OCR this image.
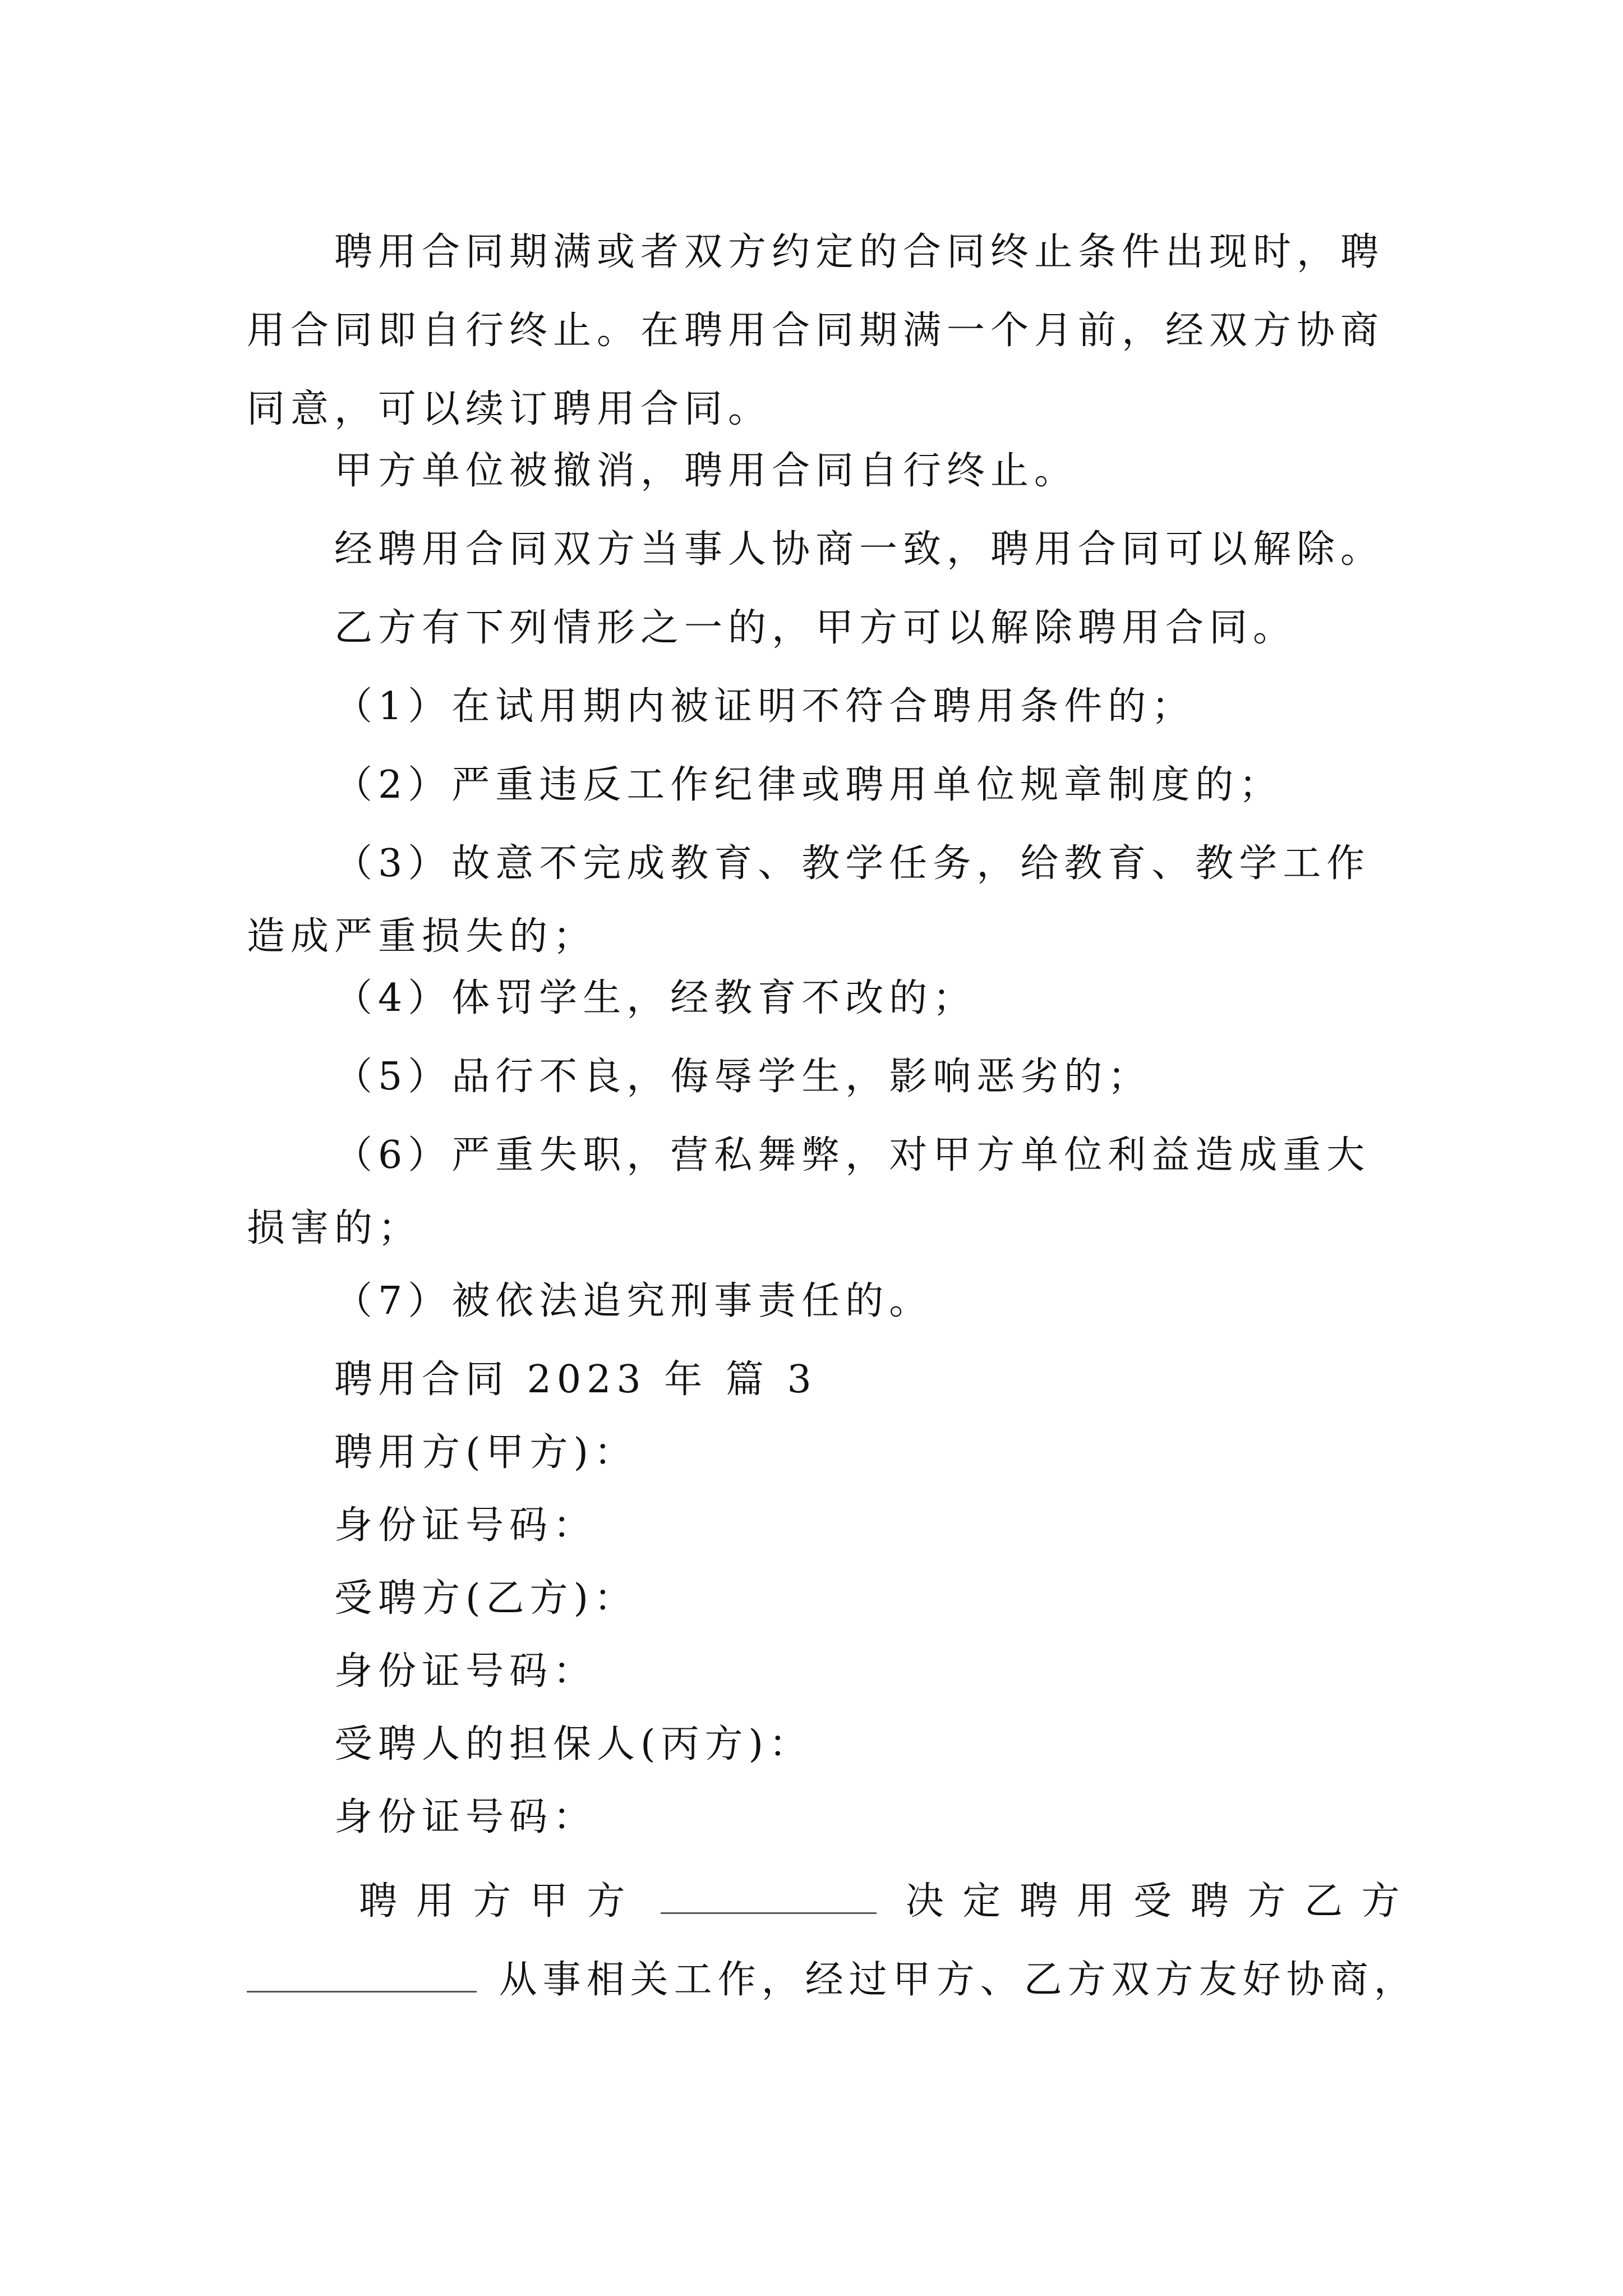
聘用合同期满或者双方约定的合同终止条件出现时，聘
用合同即自行终止。在聘用合同期满一个月前，经双方协商
同意，可以续订聘用合同。
甲方单位被撤消，聘用合同自行终止。
经聘用合同双方当事人协商一致，聘用合同可以解除。
乙方有下列情形之一的，甲方可以解除聘用合同。
（1）在试用期内被证明不符合聘用条件的；
（2）严重违反工作纪律或聘用单位规章制度的；
（3）故意不完成教育、教学任务，给教育、教学工作
造成严重损失的；
（4）体罚学生，经教育不改的；
（5）品行不良，侮辱学生，影响恶劣的；
（6）严重失职，营私舞弊，对甲方单位利益造成重大
损害的；
（7）被依法追究刑事责任的。
聘用合同 2023 年 篇 3
聘用方(甲方)：
身份证号码：
受聘方(乙方)：
身份证号码：
受聘人的担保人(丙方)：
身份证号码：
聘 用 方 甲 方	决 定 聘 用 受 聘 方 乙 方
从事相关工作，经过甲方、乙方双方友好协商，
